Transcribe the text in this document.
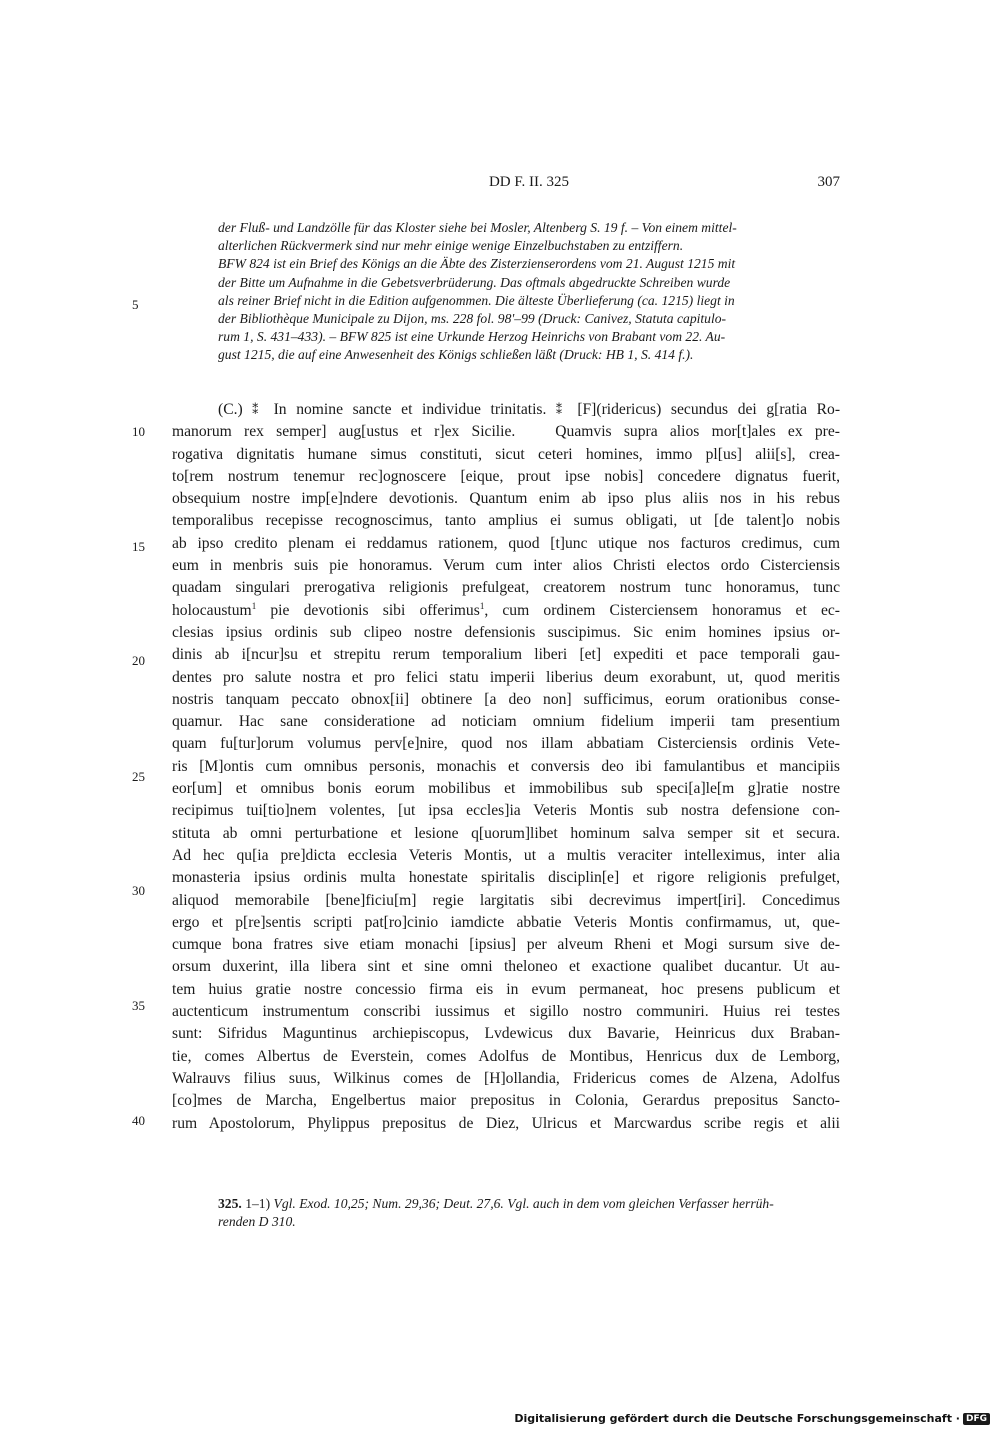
DD F. II. 325	307
der Fluß- und Landzölle für das Kloster siehe bei Mosler, Altenberg S. 19 f. – Von einem mittel-
alterlichen Rückvermerk sind nur mehr einige wenige Einzelbuchstaben zu entziffern.
BFW 824 ist ein Brief des Königs an die Äbte des Zisterzienserordens vom 21. August 1215 mit
der Bitte um Aufnahme in die Gebetsverbrüderung. Das oftmals abgedruckte Schreiben wurde
als reiner Brief nicht in die Edition aufgenommen. Die älteste Überlieferung (ca. 1215) liegt in
der Bibliothèque Municipale zu Dijon, ms. 228 fol. 98'–99 (Druck: Canivez, Statuta capitulo-
rum 1, S. 431–433). – BFW 825 ist eine Urkunde Herzog Heinrichs von Brabant vom 22. Au-
gust 1215, die auf eine Anwesenheit des Königs schließen läßt (Druck: HB 1, S. 414 f.).
5
(C.) ⁑ In nomine sancte et individue trinitatis. ⁑ [F](ridericus) secundus dei g[ratia Ro-
manorum rex semper] aug[ustus et r]ex Sicilie.	Quamvis supra alios mor[t]ales ex pre-
rogativa dignitatis humane simus constituti, sicut ceteri homines, immo pl[us] alii[s], crea-
to[rem nostrum tenemur rec]ognoscere [eique, prout ipse nobis] concedere dignatus fuerit,
obsequium nostre imp[e]ndere devotionis. Quantum enim ab ipso plus aliis nos in his rebus
temporalibus recepisse recognoscimus, tanto amplius ei sumus obligati, ut [de talent]o nobis
ab ipso credito plenam ei reddamus rationem, quod [t]unc utique nos facturos credimus, cum
eum in menbris suis pie honoramus. Verum cum inter alios Christi electos ordo Cisterciensis
quadam singulari prerogativa religionis prefulgeat, creatorem nostrum tunc honoramus, tunc
holocaustum$^1$ pie devotionis sibi offerimus$^1$, cum ordinem Cisterciensem honoramus et ec-
clesias ipsius ordinis sub clipeo nostre defensionis suscipimus. Sic enim homines ipsius or-
dinis ab i[ncur]su et strepitu rerum temporalium liberi [et] expediti et pace temporali gau-
dentes pro salute nostra et pro felici statu imperii liberius deum exorabunt, ut, quod meritis
nostris tanquam peccato obnox[ii] obtinere [a deo non] sufficimus, eorum orationibus conse-
quamur. Hac sane consideratione ad noticiam omnium fidelium imperii tam presentium
quam fu[tur]orum volumus perv[e]nire, quod nos illam abbatiam Cisterciensis ordinis Vete-
ris [M]ontis cum omnibus personis, monachis et conversis deo ibi famulantibus et mancipiis
eor[um] et omnibus bonis eorum mobilibus et immobilibus sub speci[a]le[m g]ratie nostre
recipimus tui[tio]nem volentes, [ut ipsa eccles]ia Veteris Montis sub nostra defensione con-
stituta ab omni perturbatione et lesione q[uorum]libet hominum salva semper sit et secura.
Ad hec qu[ia pre]dicta ecclesia Veteris Montis, ut a multis veraciter intelleximus, inter alia
monasteria ipsius ordinis multa honestate spiritalis disciplin[e] et rigore religionis prefulget,
aliquod memorabile [bene]ficiu[m] regie largitatis sibi decrevimus impert[iri]. Concedimus
ergo et p[re]sentis scripti pat[ro]cinio iamdicte abbatie Veteris Montis confirmamus, ut, que-
cumque bona fratres sive etiam monachi [ipsius] per alveum Rheni et Mogi sursum sive de-
orsum duxerint, illa libera sint et sine omni theloneo et exactione qualibet ducantur. Ut au-
tem huius gratie nostre concessio firma eis in evum permaneat, hoc presens publicum et
auctenticum instrumentum conscribi iussimus et sigillo nostro communiri. Huius rei testes
sunt: Sifridus Maguntinus archiepiscopus, Lvdewicus dux Bavarie, Heinricus dux Braban-
tie, comes Albertus de Everstein, comes Adolfus de Montibus, Henricus dux de Lemborg,
Walrauvs filius suus, Wilkinus comes de [H]ollandia, Fridericus comes de Alzena, Adolfus
[co]mes de Marcha, Engelbertus maior prepositus in Colonia, Gerardus prepositus Sancto-
rum Apostolorum, Phylippus prepositus de Diez, Ulricus et Marcwardus scribe regis et alii
10
15
20
25
30
35
40
325. 1–1) Vgl. Exod. 10,25; Num. 29,36; Deut. 27,6. Vgl. auch in dem vom gleichen Verfasser herrüh-
renden D 310.
Digitalisierung gefördert durch die Deutsche Forschungsgemeinschaft · DFG
